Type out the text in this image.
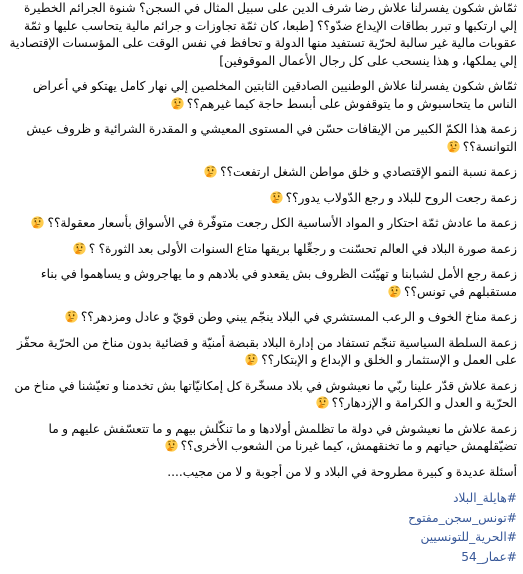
ثمّاش شكون يفسرلنا علاش رضا شرف الدين على سبيل المثال في السجن؟ شنوة الجرائم الخطيرة إلي ارتكبها و تبرر بطاقات الإيداع ضدّو؟؟ [طبعا، كان ثمّة تجاوزات و جرائم مالية يتحاسب عليها و ثمّة عقوبات مالية غير سالبة لحرّية تستفيد منها الدولة و تحافظ في نفس الوقت على المؤسسات الإقتصادية إلي يملكها، و هذا ينسحب على كل رجال الأعمال الموقوفين]

ثمّاش شكون يفسرلنا علاش الوطنيين الصادقين الثابتين المخلصين إلي نهار كامل يهتكو في أعراض الناس ما يتحاسبوش و ما يتوقفوش على أبسط حاجة كيما غيرهم؟؟

زعمة هذا الكمّ الكبير من الإيقافات حسّن في المستوى المعيشي و المقدرة الشرائية و ظروف عيش التوانسة؟؟

زعمة نسبة النمو الإقتصادي و خلق مواطن الشغل ارتفعت؟؟

زعمة رجعت الروح للبلاد و رجع الدّولاب يدور؟؟

زعمة ما عادش ثمّة احتكار و المواد الأساسية الكل رجعت متوفّرة في الأسواق بأسعار معقولة؟؟

زعمة صورة البلاد في العالم تحسّنت و رجعِّلها بريقها متاع السنوات الأولى بعد الثورة؟ ؟

زعمة رجع الأمل لشبابنا و تهيّئت الظروف بش يقعدو في بلادهم و ما يهاجروش و يساهموا في بناء مستقبلهم في تونس؟؟

زعمة مناخ الخوف و الرعب المستشري في البلاد ينجّم يبني وطن قويّ و عادل ومزدهر؟؟

زعمة السلطة السياسية تنجّم تستفاد من إدارة البلاد بقبضة أمنيّة و قضائية بدون مناخ من الحرّية محفّز على العمل و الإستثمار و الخلق و الإبداع و الإبتكار؟؟

زعمة علاش قدّر علينا ربّي ما نعيشوش في بلاد مسخّرة كل إمكانيّاتها بش تخدمنا و تعيّشنا في مناخ من الحرّية و العدل و الكرامة و الإزدهار؟؟

زعمة علاش ما نعيشوش في دولة ما تظلمش أولادها و ما تنكّلش بيهم و ما تتعسّفش عليهم و ما تضيّقلهمش حياتهم و ما تخنقهمش، كيما غيرنا من الشعوب الأخرى؟؟

أسئلة عديدة و كبيرة مطروحة في البلاد و لا من أجوبة و لا من مجيب....

#هايلة_البلاد
#تونس_سجن_مفتوح
#الحرية_للتونسيين
#عمار_54
